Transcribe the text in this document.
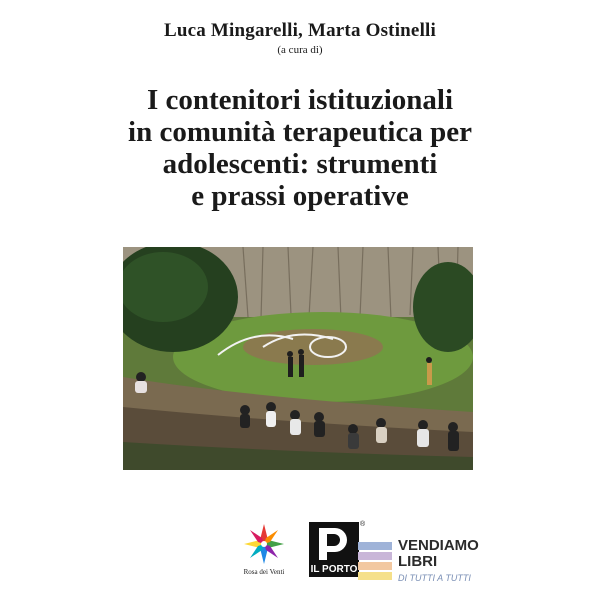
Luca Mingarelli, Marta Ostinelli
(a cura di)
I contenitori istituzionali
in comunità terapeutica per
adolescenti: strumenti
e prassi operative
Rosa dei Venti	IL PORTO
®
VENDIAMO
LIBRI
DI TUTTI A TUTTI
